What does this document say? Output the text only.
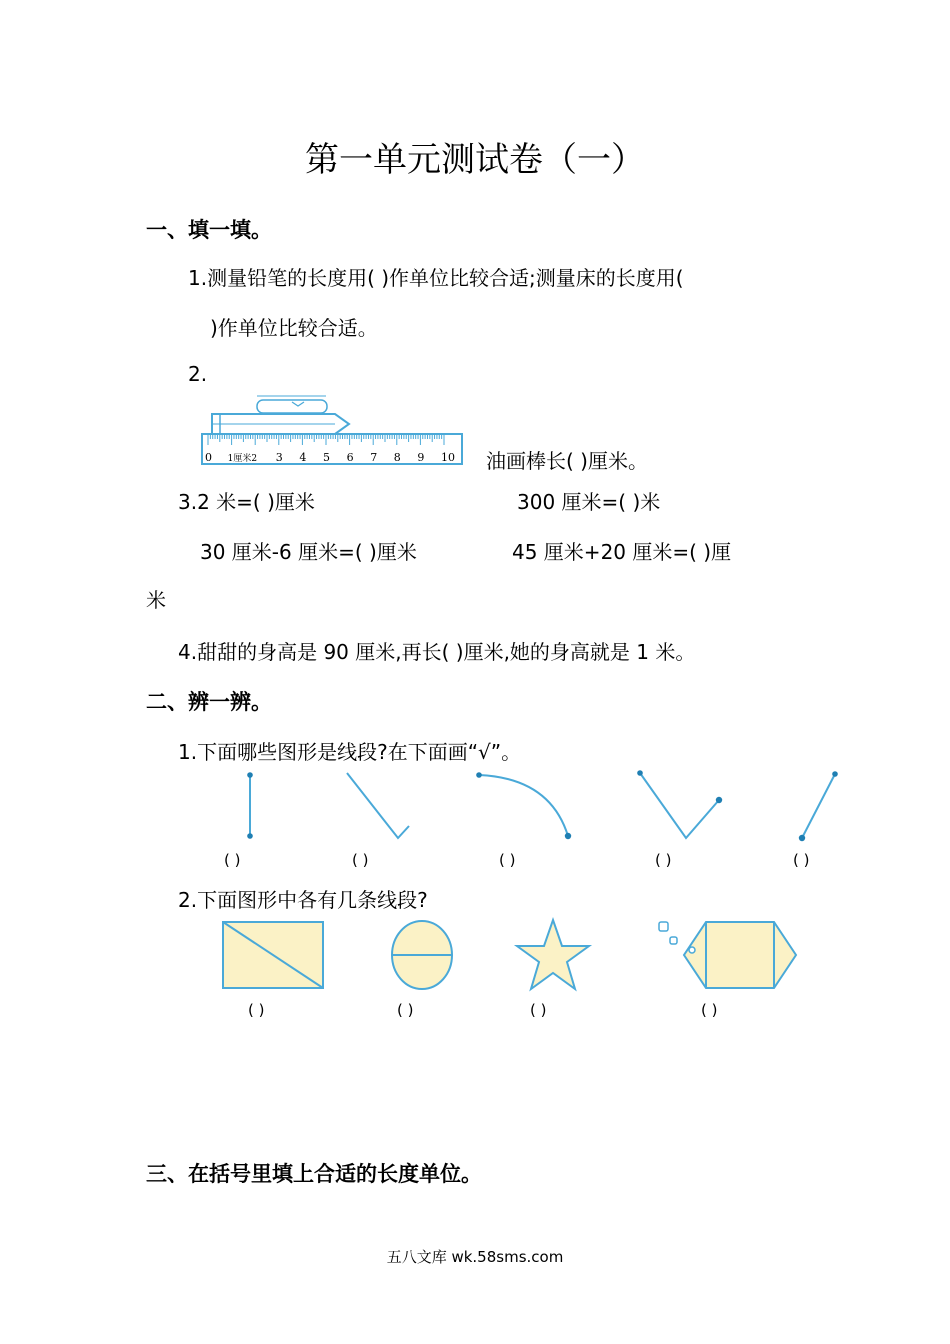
第一单元测试卷（一）
一、填一填。
1.测量铅笔的长度用( )作单位比较合适;测量床的长度用(
)作单位比较合适。
2.
0 1厘米2 3 4 5 6 7 8 9 10 油画棒长( )厘米。
3.2 米=( )厘米	300 厘米=( )米
30 厘米-6 厘米=( )厘米	45 厘米+20 厘米=( )厘
米
4.甜甜的身高是 90 厘米,再长( )厘米,她的身高就是 1 米。
二、辨一辨。
1.下面哪些图形是线段?在下面画“√”。
( )	( )	( )	( )	( )
2.下面图形中各有几条线段?
( )	( )	( )	( )
三、在括号里填上合适的长度单位。
五八文库 wk.58sms.com
